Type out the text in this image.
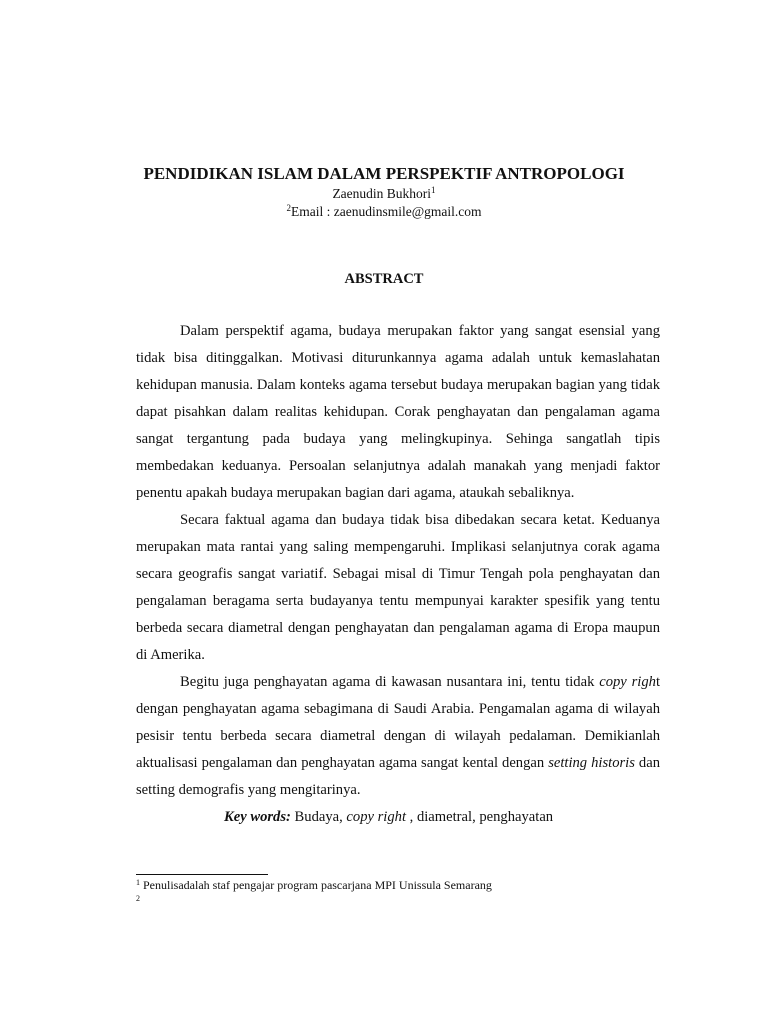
PENDIDIKAN ISLAM DALAM PERSPEKTIF ANTROPOLOGI
Zaenudin Bukhori$^1$
$^2$Email : zaenudinsmile@gmail.com
ABSTRACT

Dalam perspektif agama, budaya merupakan faktor yang sangat esensial yang tidak bisa ditinggalkan. Motivasi diturunkannya agama adalah untuk kemaslahatan kehidupan manusia. Dalam konteks agama tersebut budaya merupakan bagian yang tidak dapat pisahkan dalam realitas kehidupan. Corak penghayatan dan pengalaman agama sangat tergantung pada budaya yang melingkupinya. Sehinga sangatlah tipis membedakan keduanya. Persoalan selanjutnya adalah manakah yang menjadi faktor penentu apakah budaya merupakan bagian dari agama, ataukah sebaliknya.

Secara faktual agama dan budaya tidak bisa dibedakan secara ketat. Keduanya merupakan mata rantai yang saling mempengaruhi. Implikasi selanjutnya corak agama secara geografis sangat variatif. Sebagai misal di Timur Tengah pola penghayatan dan pengalaman beragama serta budayanya tentu mempunyai karakter spesifik yang tentu berbeda secara diametral dengan penghayatan dan pengalaman agama di Eropa maupun di Amerika.

Begitu juga penghayatan agama di kawasan nusantara ini, tentu tidak copy right dengan penghayatan agama sebagimana di Saudi Arabia. Pengamalan agama di wilayah pesisir tentu berbeda secara diametral dengan di wilayah pedalaman. Demikianlah aktualisasi pengalaman dan penghayatan agama sangat kental dengan setting historis dan setting demografis yang mengitarinya.

Key words: Budaya, copy right , diametral, penghayatan

$^1$ Penulisadalah staf pengajar program pascarjana MPI Unissula Semarang
$^2$
